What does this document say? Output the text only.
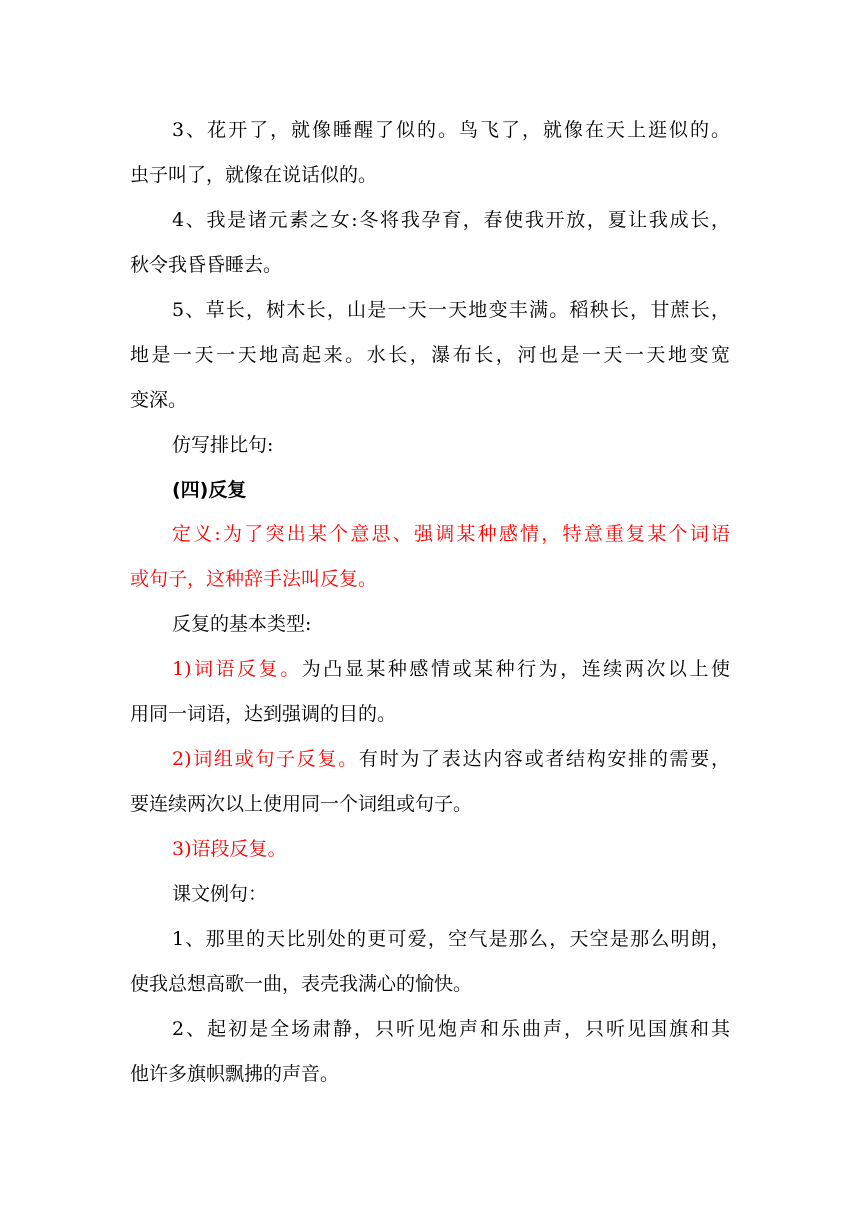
3、花开了，就像睡醒了似的。鸟飞了，就像在天上逛似的。

虫子叫了，就像在说话似的。

4、我是诸元素之女:冬将我孕育，春使我开放，夏让我成长，

秋令我昏昏睡去。

5、草长，树木长，山是一天一天地变丰满。稻秧长，甘蔗长，

地是一天一天地高起来。水长，瀑布长，河也是一天一天地变宽

变深。

仿写排比句:

(四)反复

定义:为了突出某个意思、强调某种感情，特意重复某个词语

或句子，这种辞手法叫反复。

反复的基本类型:

1)词语反复。为凸显某种感情或某种行为，连续两次以上使

用同一词语，达到强调的目的。

2)词组或句子反复。有时为了表达内容或者结构安排的需要，

要连续两次以上使用同一个词组或句子。

3)语段反复。

课文例句：

1、那里的天比别处的更可爱，空气是那么，天空是那么明朗，

使我总想高歌一曲，表壳我满心的愉快。

2、起初是全场肃静，只听见炮声和乐曲声，只听见国旗和其

他许多旗帜飘拂的声音。
